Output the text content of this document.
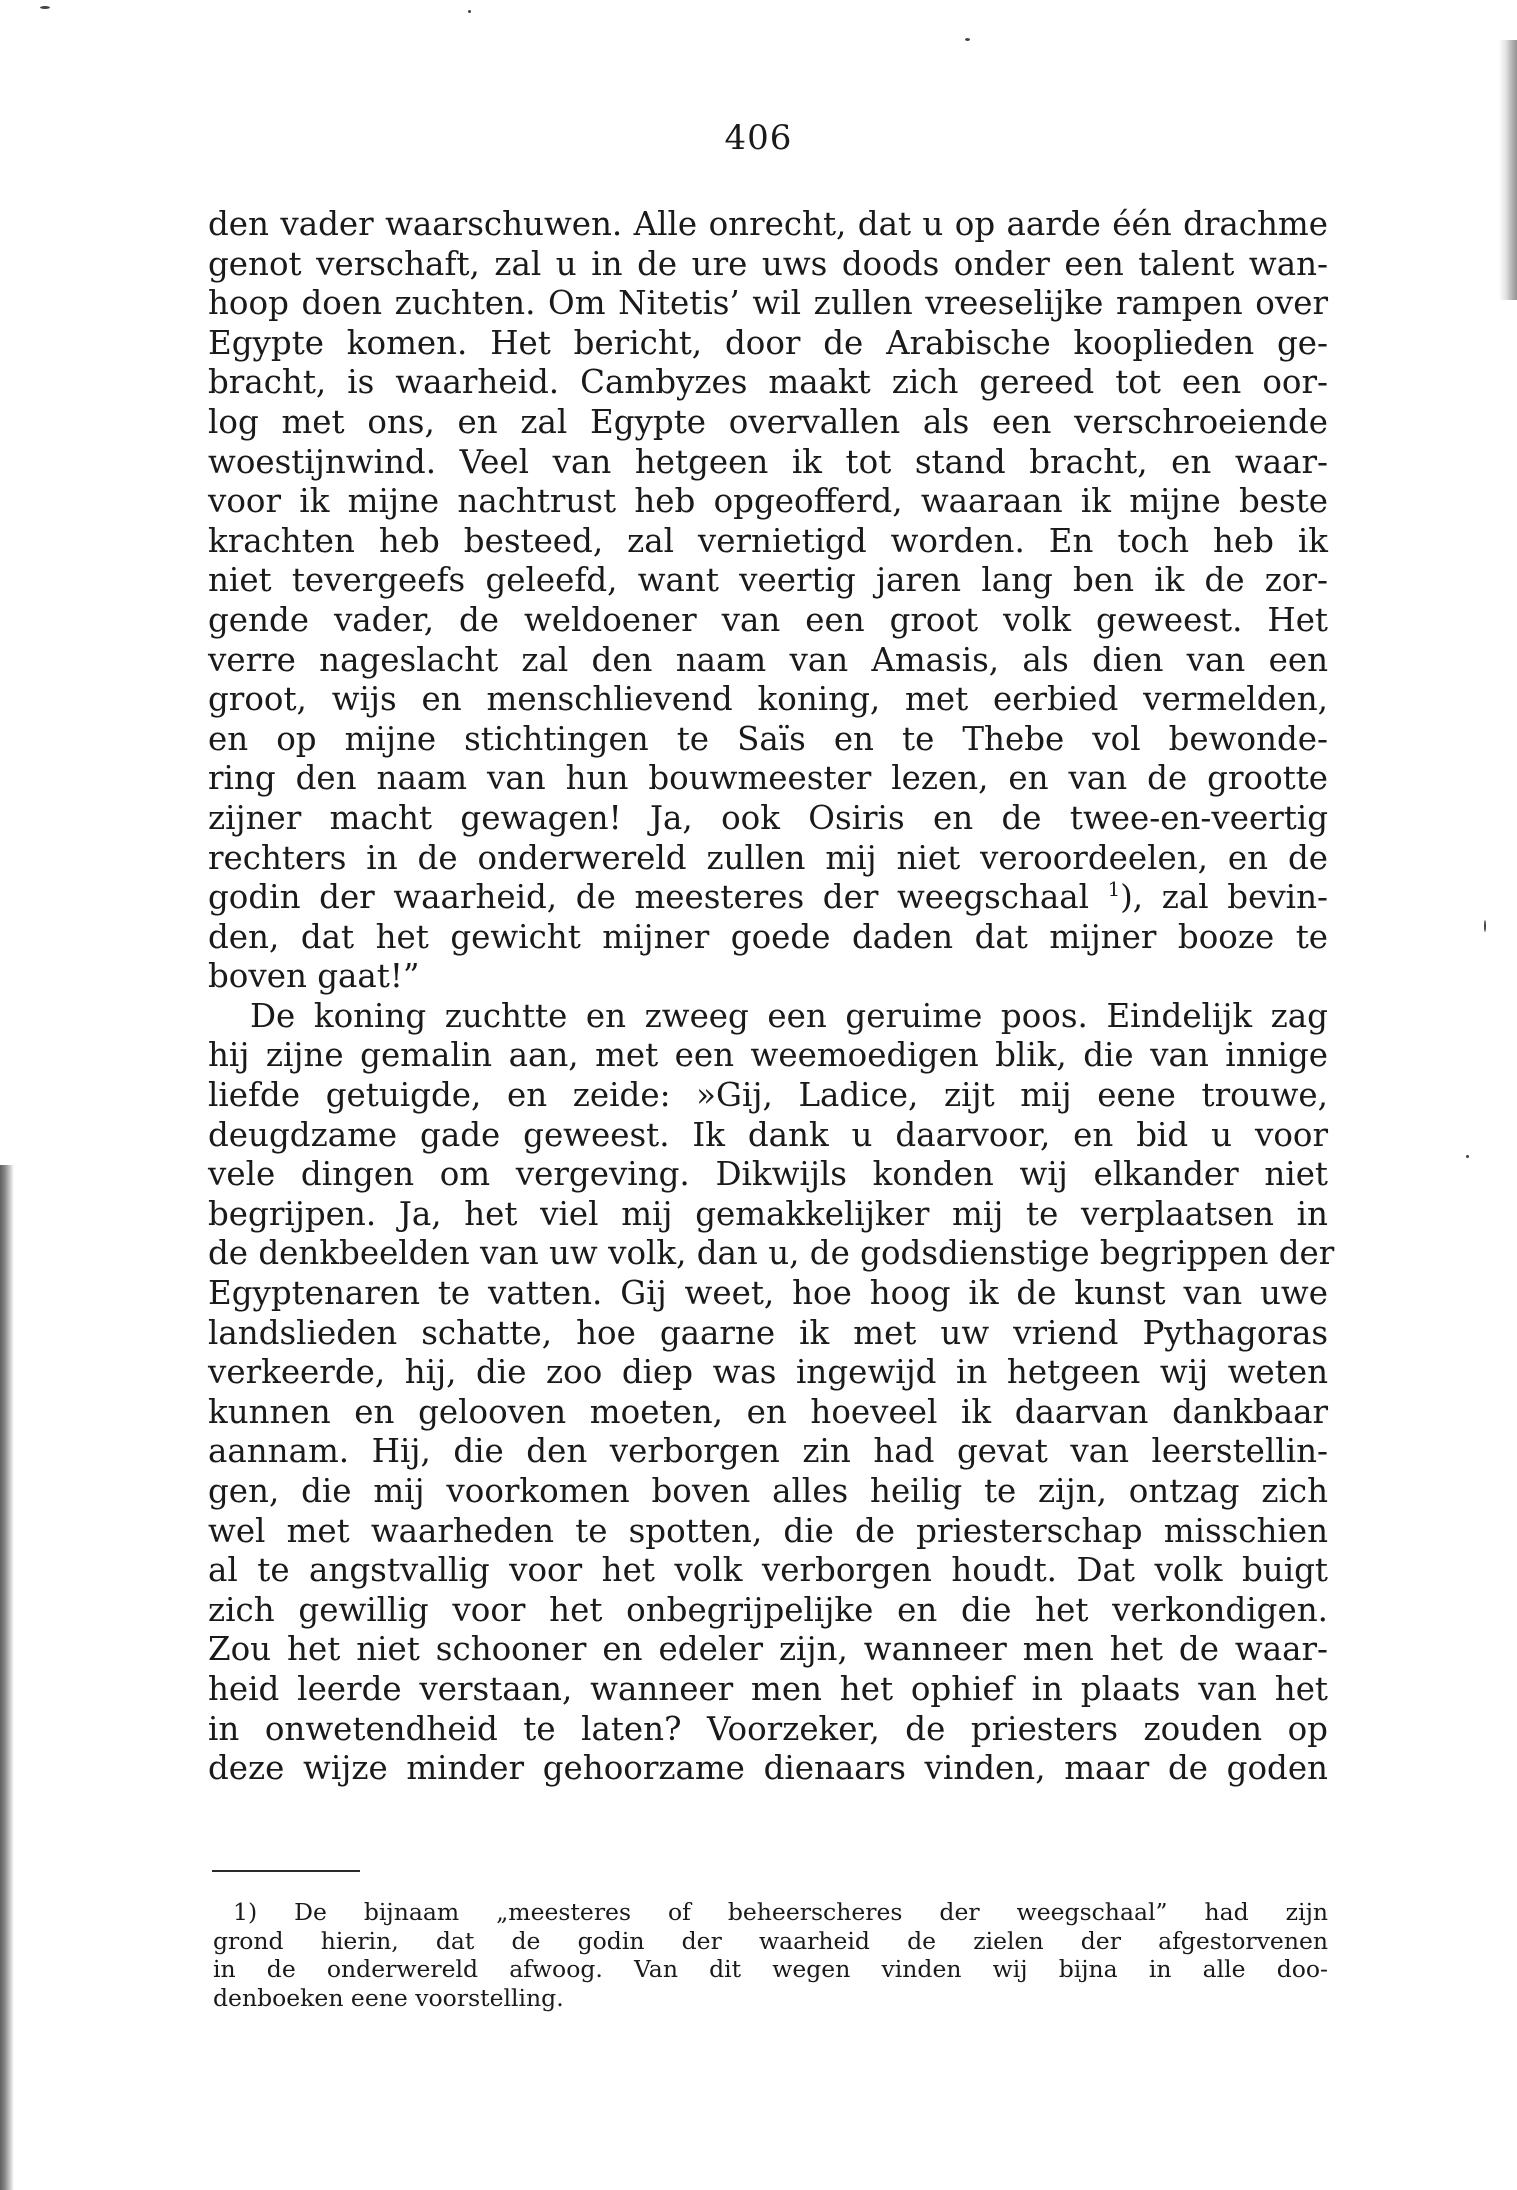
406
den vader waarschuwen. Alle onrecht, dat u op aarde één drachme
genot verschaft, zal u in de ure uws doods onder een talent wan-
hoop doen zuchten. Om Nitetis’ wil zullen vreeselijke rampen over
Egypte komen. Het bericht, door de Arabische kooplieden ge-
bracht, is waarheid. Cambyzes maakt zich gereed tot een oor-
log met ons, en zal Egypte overvallen als een verschroeiende
woestijnwind. Veel van hetgeen ik tot stand bracht, en waar-
voor ik mijne nachtrust heb opgeofferd, waaraan ik mijne beste
krachten heb besteed, zal vernietigd worden. En toch heb ik
niet tevergeefs geleefd, want veertig jaren lang ben ik de zor-
gende vader, de weldoener van een groot volk geweest. Het
verre nageslacht zal den naam van Amasis, als dien van een
groot, wijs en menschlievend koning, met eerbied vermelden,
en op mijne stichtingen te Saïs en te Thebe vol bewonde-
ring den naam van hun bouwmeester lezen, en van de grootte
zijner macht gewagen! Ja, ook Osiris en de twee-en-veertig
rechters in de onderwereld zullen mij niet veroordeelen, en de
godin der waarheid, de meesteres der weegschaal $^1$), zal bevin-
den, dat het gewicht mijner goede daden dat mijner booze te
boven gaat!”
De koning zuchtte en zweeg een geruime poos. Eindelijk zag
hij zijne gemalin aan, met een weemoedigen blik, die van innige
liefde getuigde, en zeide: »Gij, Ladice, zijt mij eene trouwe,
deugdzame gade geweest. Ik dank u daarvoor, en bid u voor
vele dingen om vergeving. Dikwijls konden wij elkander niet
begrijpen. Ja, het viel mij gemakkelijker mij te verplaatsen in
de denkbeelden van uw volk, dan u, de godsdienstige begrippen der
Egyptenaren te vatten. Gij weet, hoe hoog ik de kunst van uwe
landslieden schatte, hoe gaarne ik met uw vriend Pythagoras
verkeerde, hij, die zoo diep was ingewijd in hetgeen wij weten
kunnen en gelooven moeten, en hoeveel ik daarvan dankbaar
aannam. Hij, die den verborgen zin had gevat van leerstellin-
gen, die mij voorkomen boven alles heilig te zijn, ontzag zich
wel met waarheden te spotten, die de priesterschap misschien
al te angstvallig voor het volk verborgen houdt. Dat volk buigt
zich gewillig voor het onbegrijpelijke en die het verkondigen.
Zou het niet schooner en edeler zijn, wanneer men het de waar-
heid leerde verstaan, wanneer men het ophief in plaats van het
in onwetendheid te laten? Voorzeker, de priesters zouden op
deze wijze minder gehoorzame dienaars vinden, maar de goden
1) De bijnaam „meesteres of beheerscheres der weegschaal” had zijn
grond hierin, dat de godin der waarheid de zielen der afgestorvenen
in de onderwereld afwoog. Van dit wegen vinden wij bijna in alle doo-
denboeken eene voorstelling.
